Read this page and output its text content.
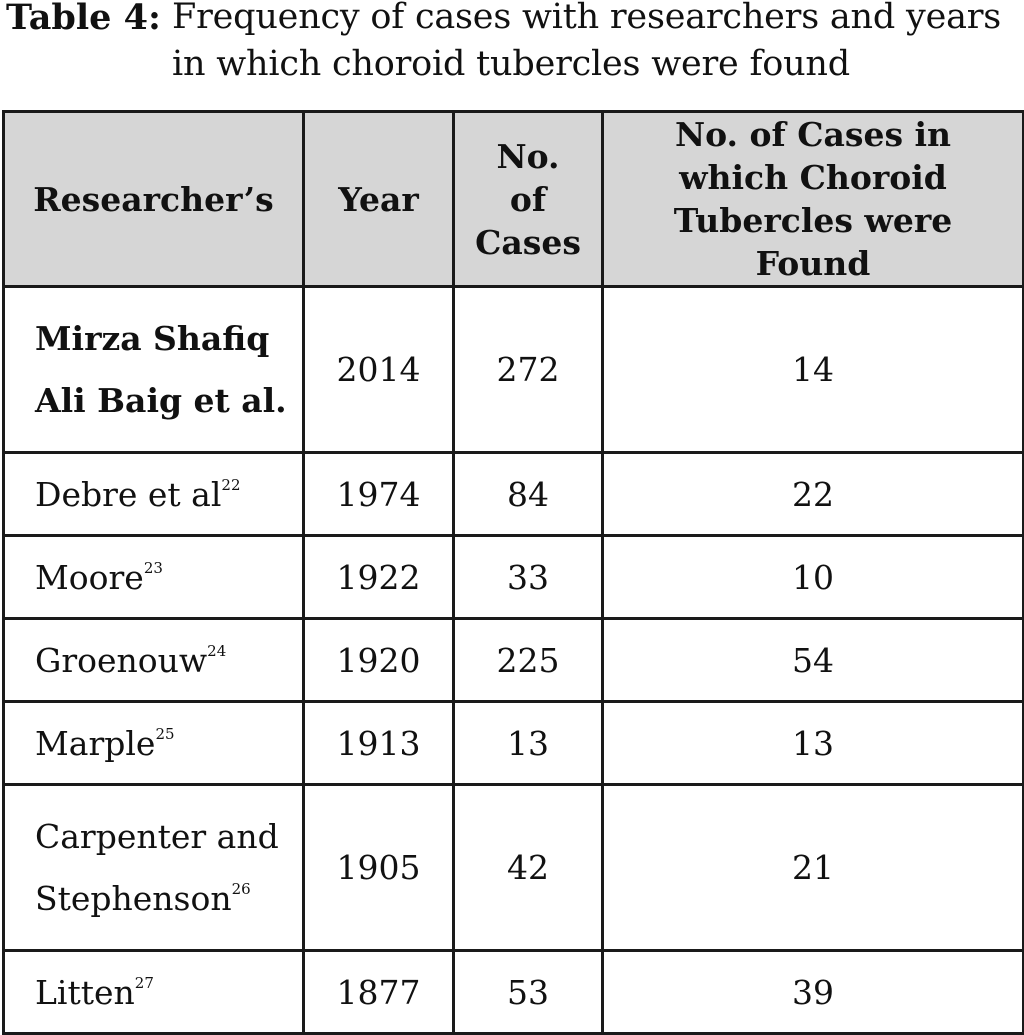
Table 4: Frequency of cases with researchers and years in which choroid tubercles were found
Researcher’s	Year	No. of Cases	No. of Cases in which Choroid Tubercles were Found
Mirza Shafiq Ali Baig et al.	2014	272	14
Debre et $al^{22}$	1974	84	22
Moore$^{23}$	1922	33	10
Groenouw$^{24}$	1920	225	54
Marple$^{25}$	1913	13	13
Carpenter and Stephenson$^{26}$	1905	42	21
Litten$^{27}$	1877	53	39
